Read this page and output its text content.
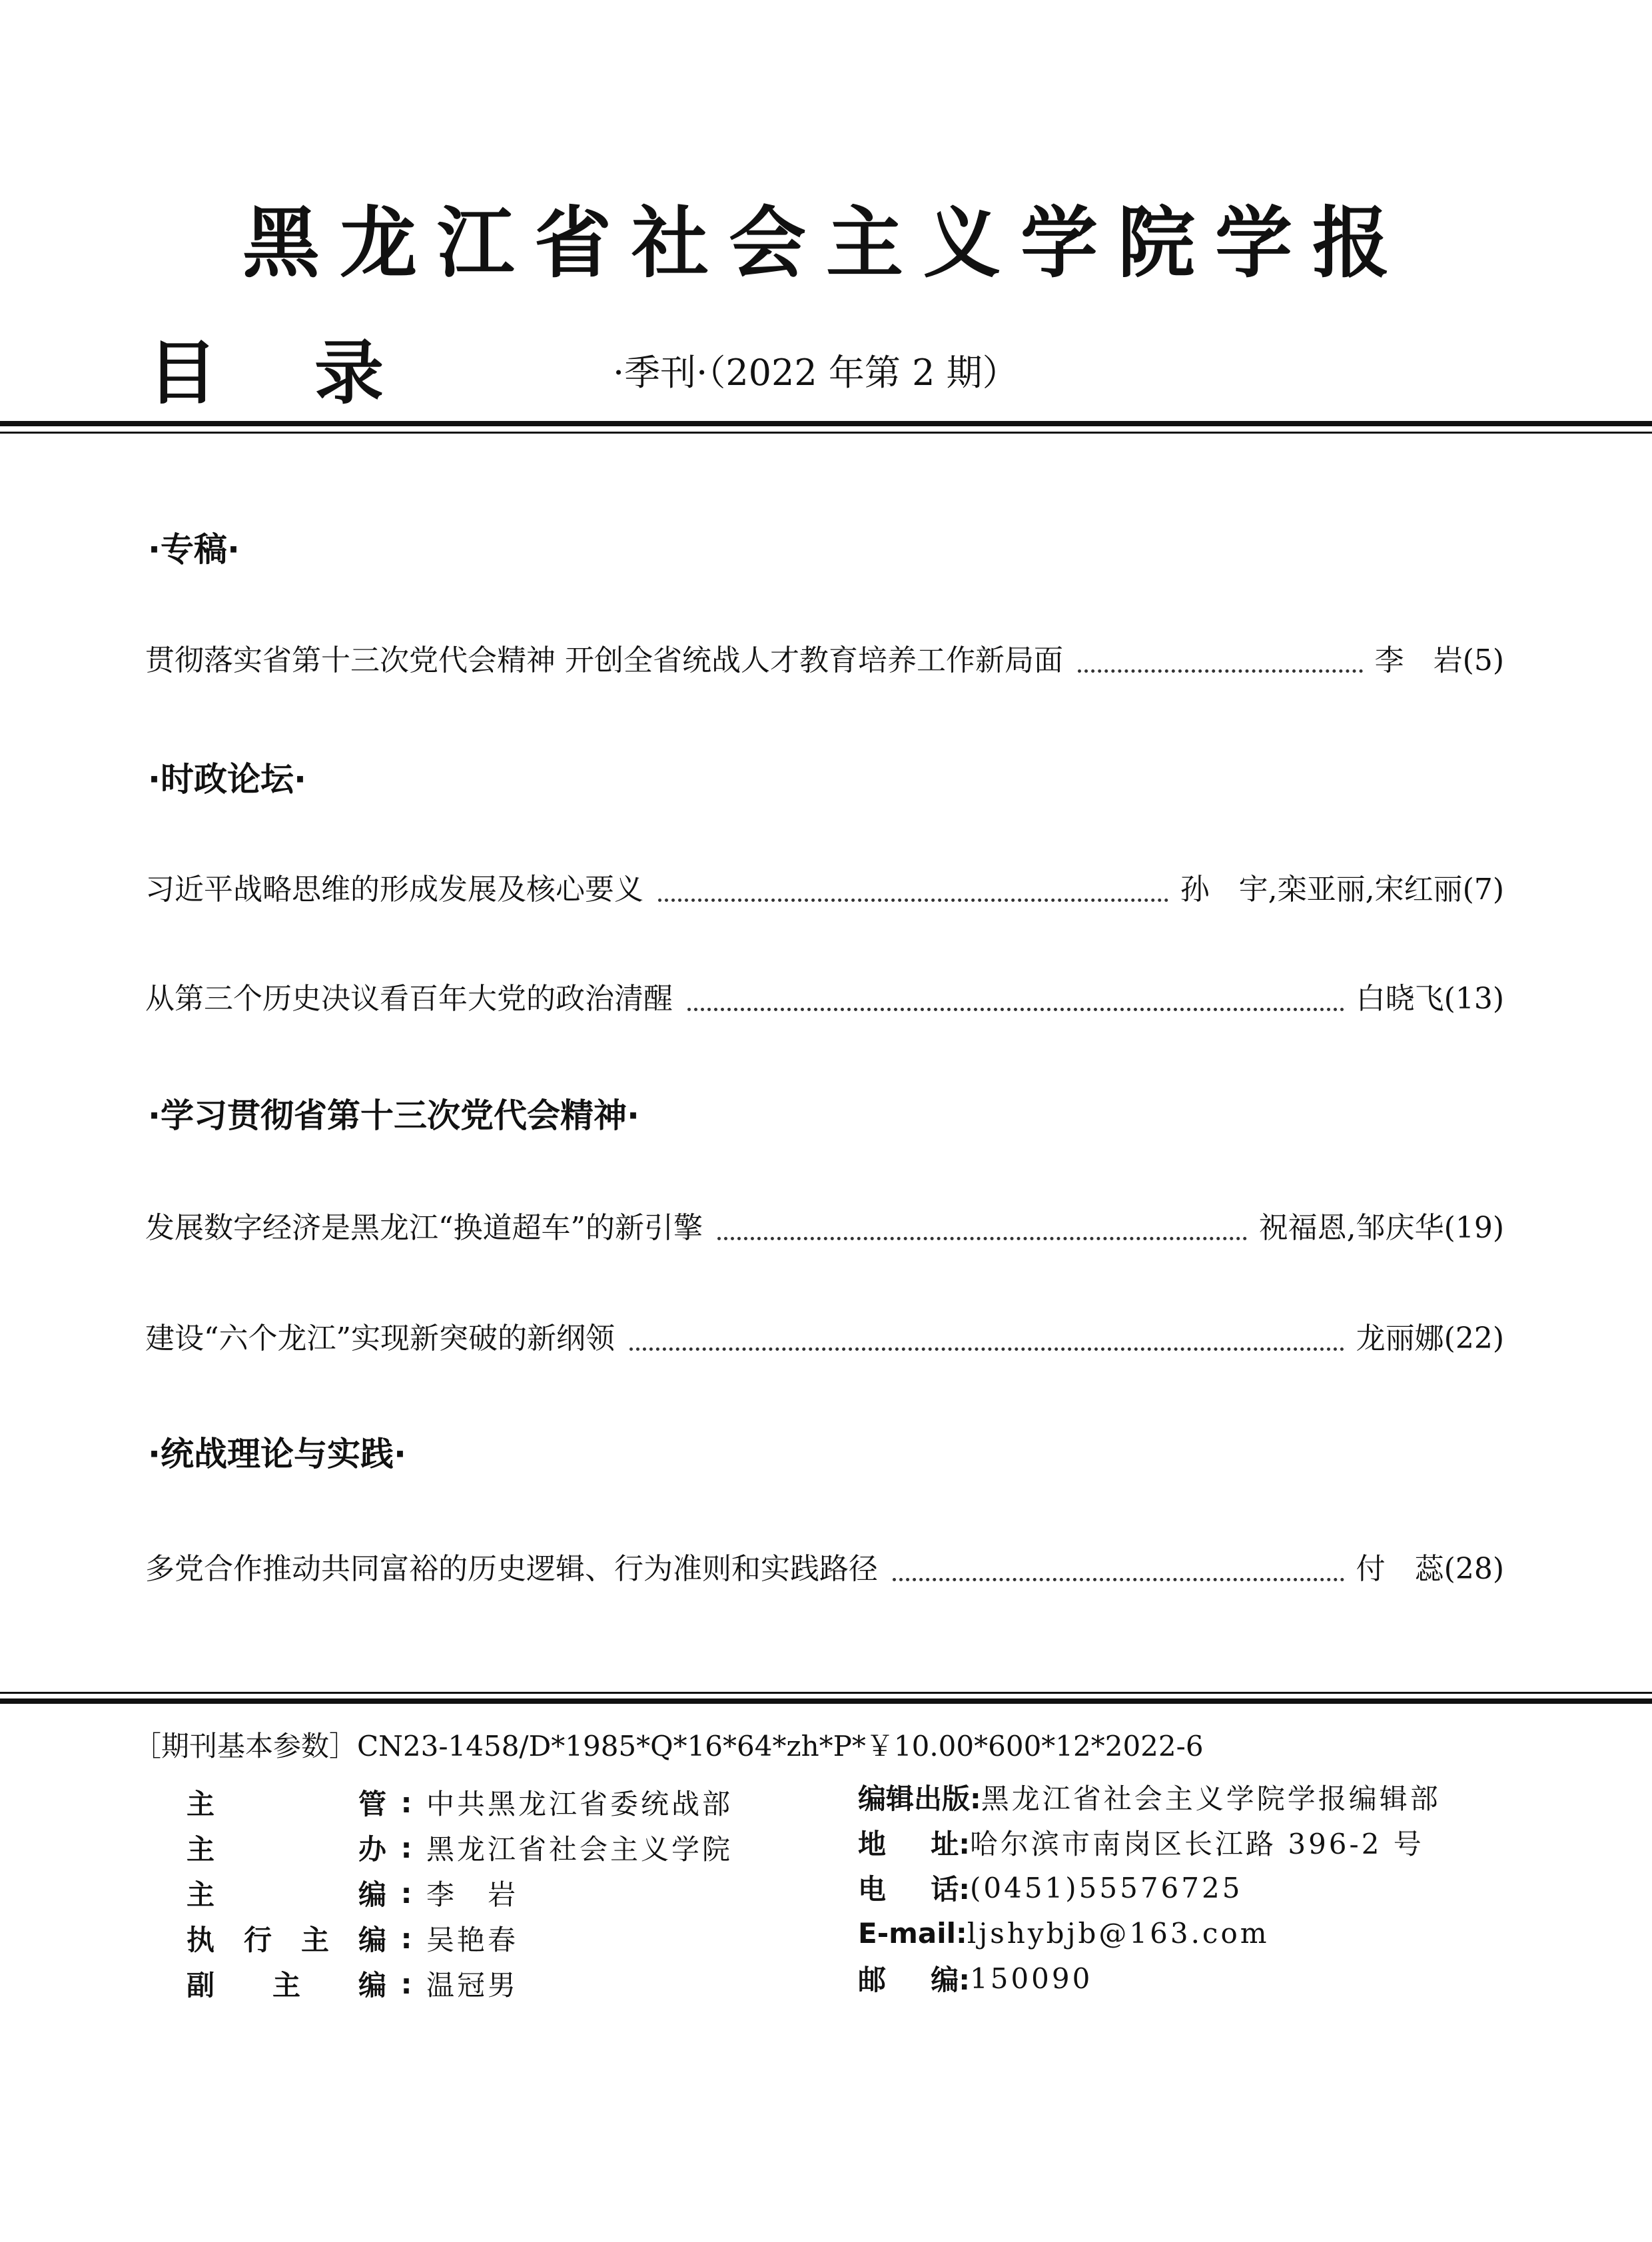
黑龙江省社会主义学院学报
目 录	·季刊·（2022 年第 2 期）
·专稿·
贯彻落实省第十三次党代会精神 开创全省统战人才教育培养工作新局面	李　岩(5)
·时政论坛·
习近平战略思维的形成发展及核心要义	孙　宇,栾亚丽,宋红丽(7)
从第三个历史决议看百年大党的政治清醒	白晓飞(13)
·学习贯彻省第十三次党代会精神·
发展数字经济是黑龙江“换道超车”的新引擎	祝福恩,邹庆华(19)
建设“六个龙江”实现新突破的新纲领	龙丽娜(22)
·统战理论与实践·
多党合作推动共同富裕的历史逻辑、行为准则和实践路径	付　蕊(28)
［期刊基本参数］CN23-1458/D*1985*Q*16*64*zh*P*￥10.00*600*12*2022-6
主	管 : 中共黑龙江省委统战部
主	办 : 黑龙江省社会主义学院
主	编 : 李　岩
执 行 主 编 : 吴艳春
副 主 编 : 温冠男
编辑出版: 黑龙江省社会主义学院学报编辑部
地 址: 哈尔滨市南岗区长江路 396-2 号
电 话: (0451)55576725
E-mail: ljshybjb@163.com
邮 编: 150090
